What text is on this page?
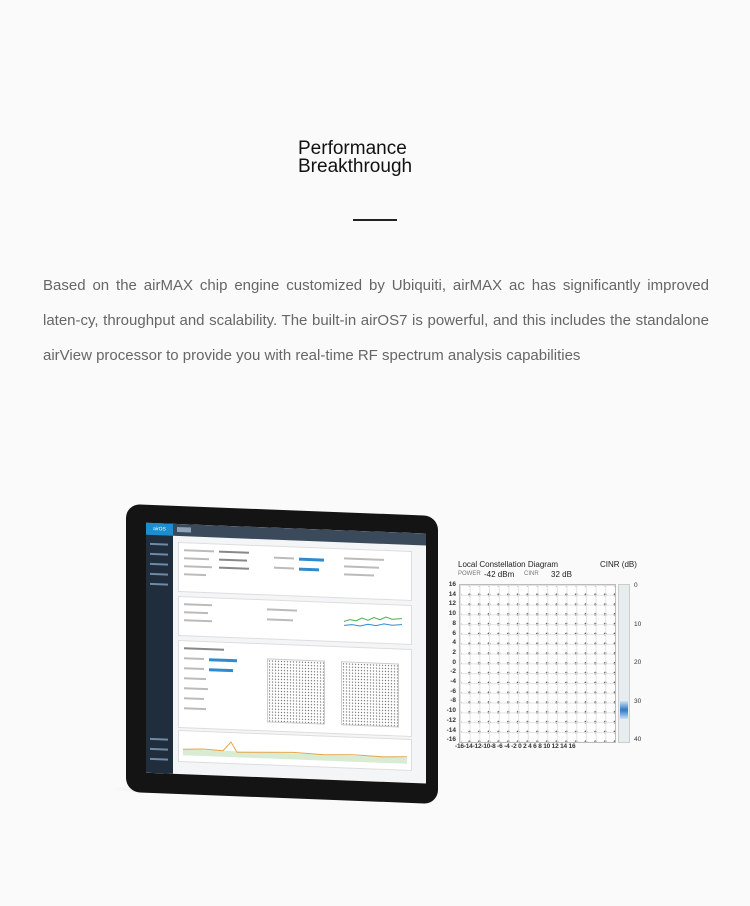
Performance
Breakthrough
Based on the airMAX chip engine customized by Ubiquiti, airMAX ac has significantly improved laten-cy, throughput and scalability. The built-in airOS7 is powerful, and this includes the standalone airView processor to provide you with real-time RF spectrum analysis capabilities
airOS
Local Constellation Diagram	CINR (dB)
POWER -42 dBm CINR 32 dB
16
14
12
10
8
6
4
2
0
-2
-4
-6
-8
-10
-12
-14
-16
-16-14-12-10-8 -6 -4 -2 0 2 4 6 8 10 12 14 16
0
10
20
30
40
